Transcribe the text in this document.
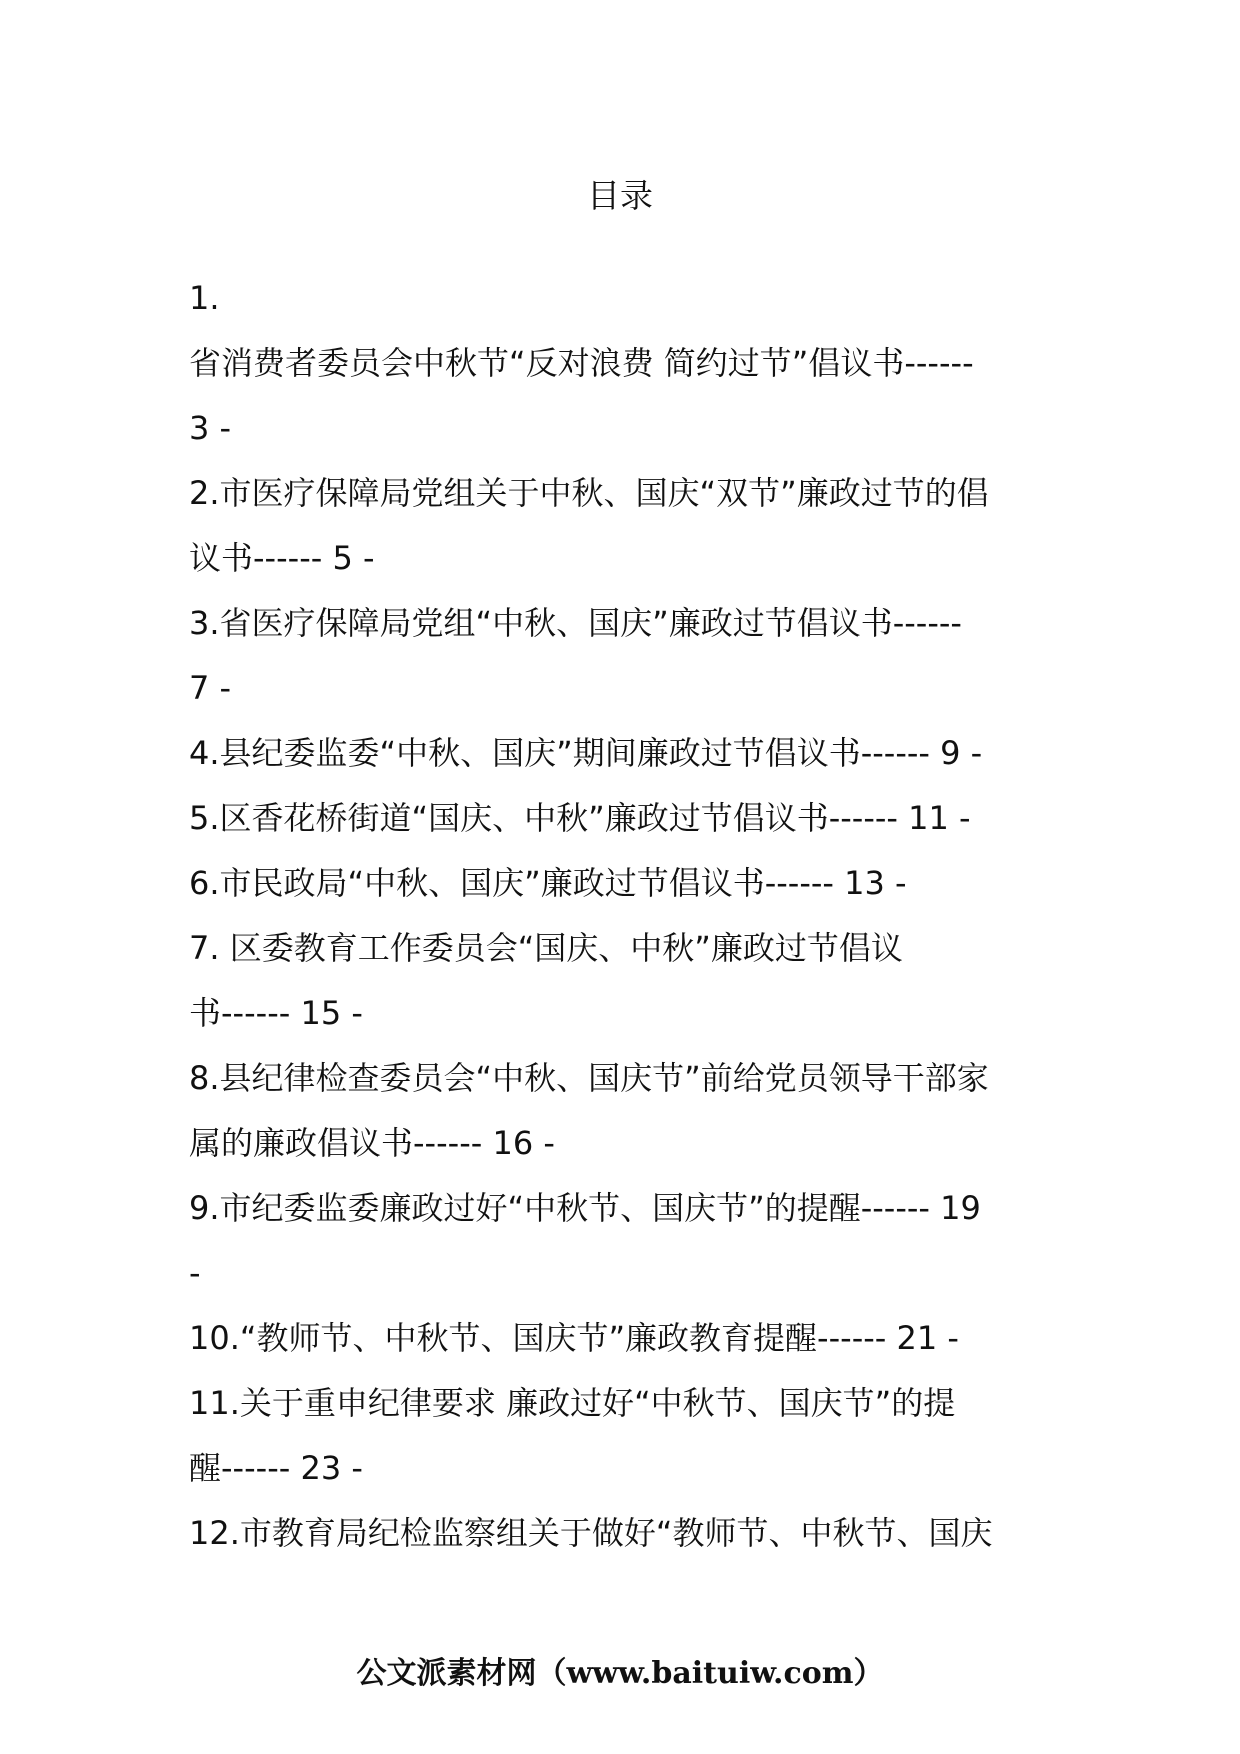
目录
1.
省消费者委员会中秋节“反对浪费 简约过节”倡议书------
3 -
2.市医疗保障局党组关于中秋、国庆“双节”廉政过节的倡
议书------ 5 -
3.省医疗保障局党组“中秋、国庆”廉政过节倡议书------
7 -
4.县纪委监委“中秋、国庆”期间廉政过节倡议书------ 9 -
5.区香花桥街道“国庆、中秋”廉政过节倡议书------ 11 -
6.市民政局“中秋、国庆”廉政过节倡议书------ 13 -
7. 区委教育工作委员会“国庆、中秋”廉政过节倡议
书------ 15 -
8.县纪律检查委员会“中秋、国庆节”前给党员领导干部家
属的廉政倡议书------ 16 -
9.市纪委监委廉政过好“中秋节、国庆节”的提醒------ 19
-
10.“教师节、中秋节、国庆节”廉政教育提醒------ 21 -
11.关于重申纪律要求 廉政过好“中秋节、国庆节”的提
醒------ 23 -
12.市教育局纪检监察组关于做好“教师节、中秋节、国庆
公文派素材网（www.baituiw.com）
